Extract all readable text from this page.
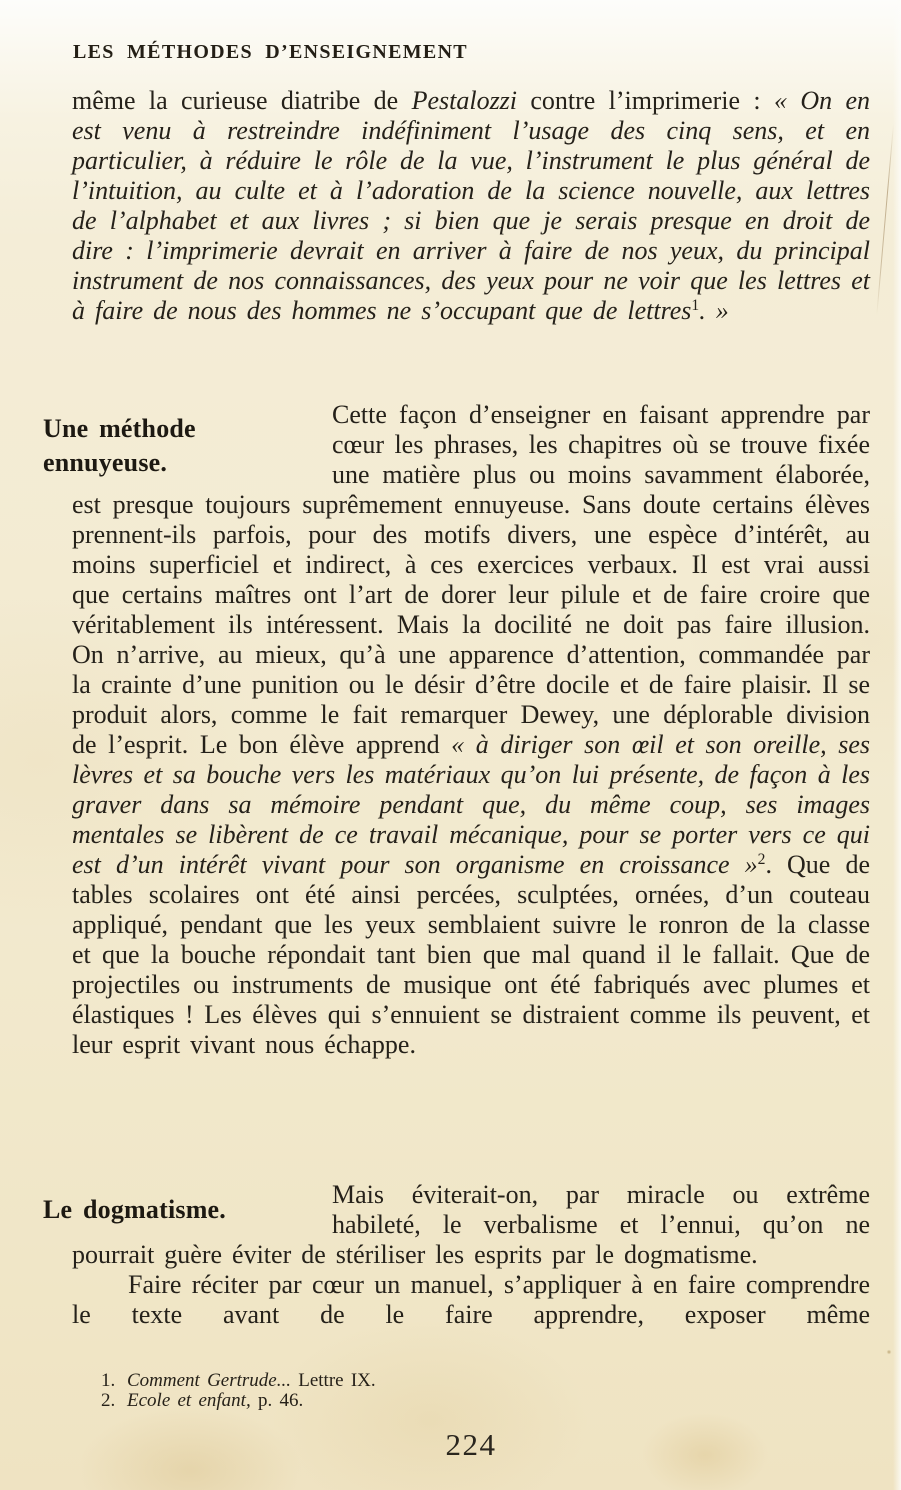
LES MÉTHODES D’ENSEIGNEMENT

même la curieuse diatribe de Pestalozzi contre l’imprimerie : « On en est venu à restreindre indéfiniment l’usage des cinq sens, et en particulier, à réduire le rôle de la vue, l’instrument le plus général de l’intuition, au culte et à l’adoration de la science nouvelle, aux lettres de l’alphabet et aux livres ; si bien que je serais presque en droit de dire : l’imprimerie devrait en arriver à faire de nos yeux, du principal instrument de nos connaissances, des yeux pour ne voir que les lettres et à faire de nous des hommes ne s’occupant que de lettres$^1$. »

Une méthode ennuyeuse.

Cette façon d’enseigner en faisant apprendre par cœur les phrases, les chapitres où se trouve fixée une matière plus ou moins savamment élaborée, est presque toujours suprêmement ennuyeuse. Sans doute certains élèves prennent-ils parfois, pour des motifs divers, une espèce d’intérêt, au moins superficiel et indirect, à ces exercices verbaux. Il est vrai aussi que certains maîtres ont l’art de dorer leur pilule et de faire croire que véritablement ils intéressent. Mais la docilité ne doit pas faire illusion. On n’arrive, au mieux, qu’à une apparence d’attention, commandée par la crainte d’une punition ou le désir d’être docile et de faire plaisir. Il se produit alors, comme le fait remarquer Dewey, une déplorable division de l’esprit. Le bon élève apprend « à diriger son œil et son oreille, ses lèvres et sa bouche vers les matériaux qu’on lui présente, de façon à les graver dans sa mémoire pendant que, du même coup, ses images mentales se libèrent de ce travail mécanique, pour se porter vers ce qui est d’un intérêt vivant pour son organisme en croissance »$^2$. Que de tables scolaires ont été ainsi percées, sculptées, ornées, d’un couteau appliqué, pendant que les yeux semblaient suivre le ronron de la classe et que la bouche répondait tant bien que mal quand il le fallait. Que de projectiles ou instruments de musique ont été fabriqués avec plumes et élastiques ! Les élèves qui s’ennuient se distraient comme ils peuvent, et leur esprit vivant nous échappe.

Le dogmatisme.

Mais éviterait-on, par miracle ou extrême habileté, le verbalisme et l’ennui, qu’on ne pourrait guère éviter de stériliser les esprits par le dogmatisme.

Faire réciter par cœur un manuel, s’appliquer à en faire comprendre le texte avant de le faire apprendre, exposer même

1. Comment Gertrude... Lettre IX.
2. Ecole et enfant, p. 46.
224
